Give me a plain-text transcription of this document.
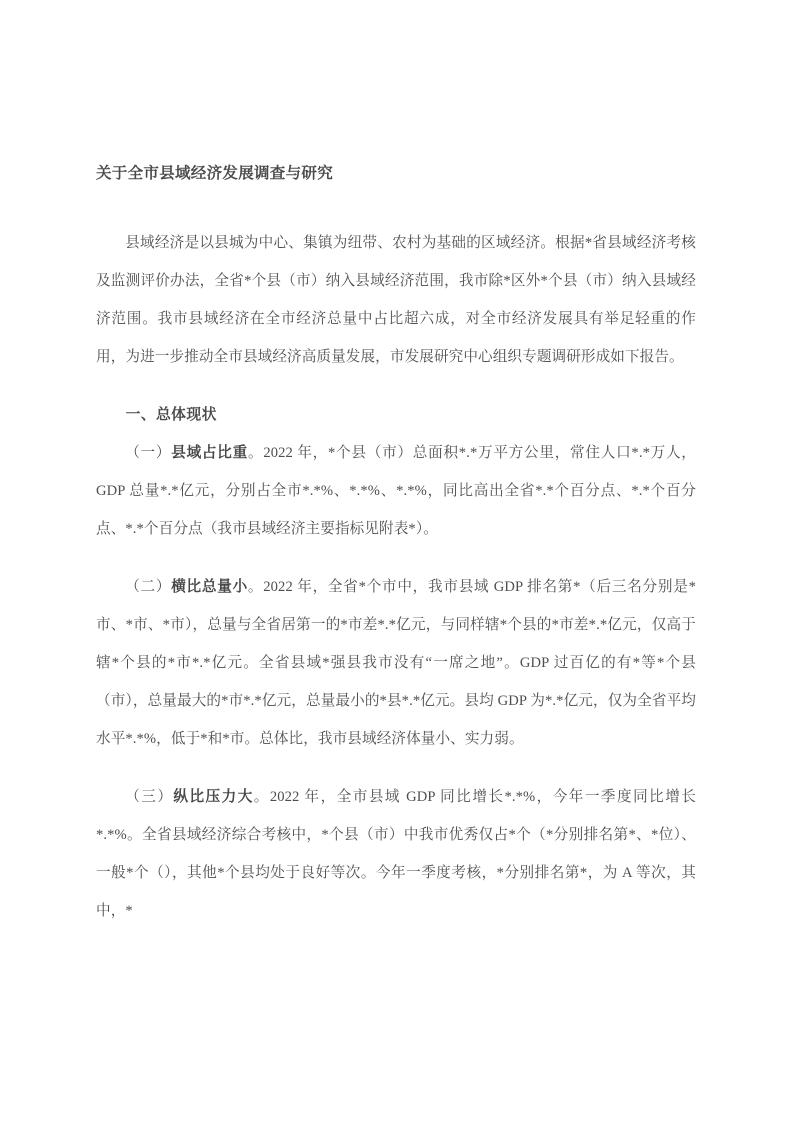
关于全市县域经济发展调查与研究

县域经济是以县城为中心、集镇为纽带、农村为基础的区域经济。根据*省县域经济考核及监测评价办法，全省*个县（市）纳入县域经济范围，我市除*区外*个县（市）纳入县域经济范围。我市县域经济在全市经济总量中占比超六成，对全市经济发展具有举足轻重的作用，为进一步推动全市县域经济高质量发展，市发展研究中心组织专题调研形成如下报告。

一、总体现状

（一）县域占比重。2022 年，*个县（市）总面积*.*万平方公里，常住人口*.*万人，GDP 总量*.*亿元，分别占全市*.*%、*.*%、*.*%，同比高出全省*.*个百分点、*.*个百分点、*.*个百分点（我市县域经济主要指标见附表*）。

（二）横比总量小。2022 年，全省*个市中，我市县域 GDP 排名第*（后三名分别是*市、*市、*市），总量与全省居第一的*市差*.*亿元，与同样辖*个县的*市差*.*亿元，仅高于辖*个县的*市*.*亿元。全省县域*强县我市没有“一席之地”。GDP 过百亿的有*等*个县（市），总量最大的*市*.*亿元，总量最小的*县*.*亿元。县均 GDP 为*.*亿元，仅为全省平均水平*.*%，低于*和*市。总体比，我市县域经济体量小、实力弱。

（三）纵比压力大。2022 年，全市县域 GDP 同比增长*.*%，今年一季度同比增长*.*%。全省县域经济综合考核中，*个县（市）中我市优秀仅占*个（*分别排名第*、*位）、一般*个（），其他*个县均处于良好等次。今年一季度考核，*分别排名第*，为 A 等次，其中，*
